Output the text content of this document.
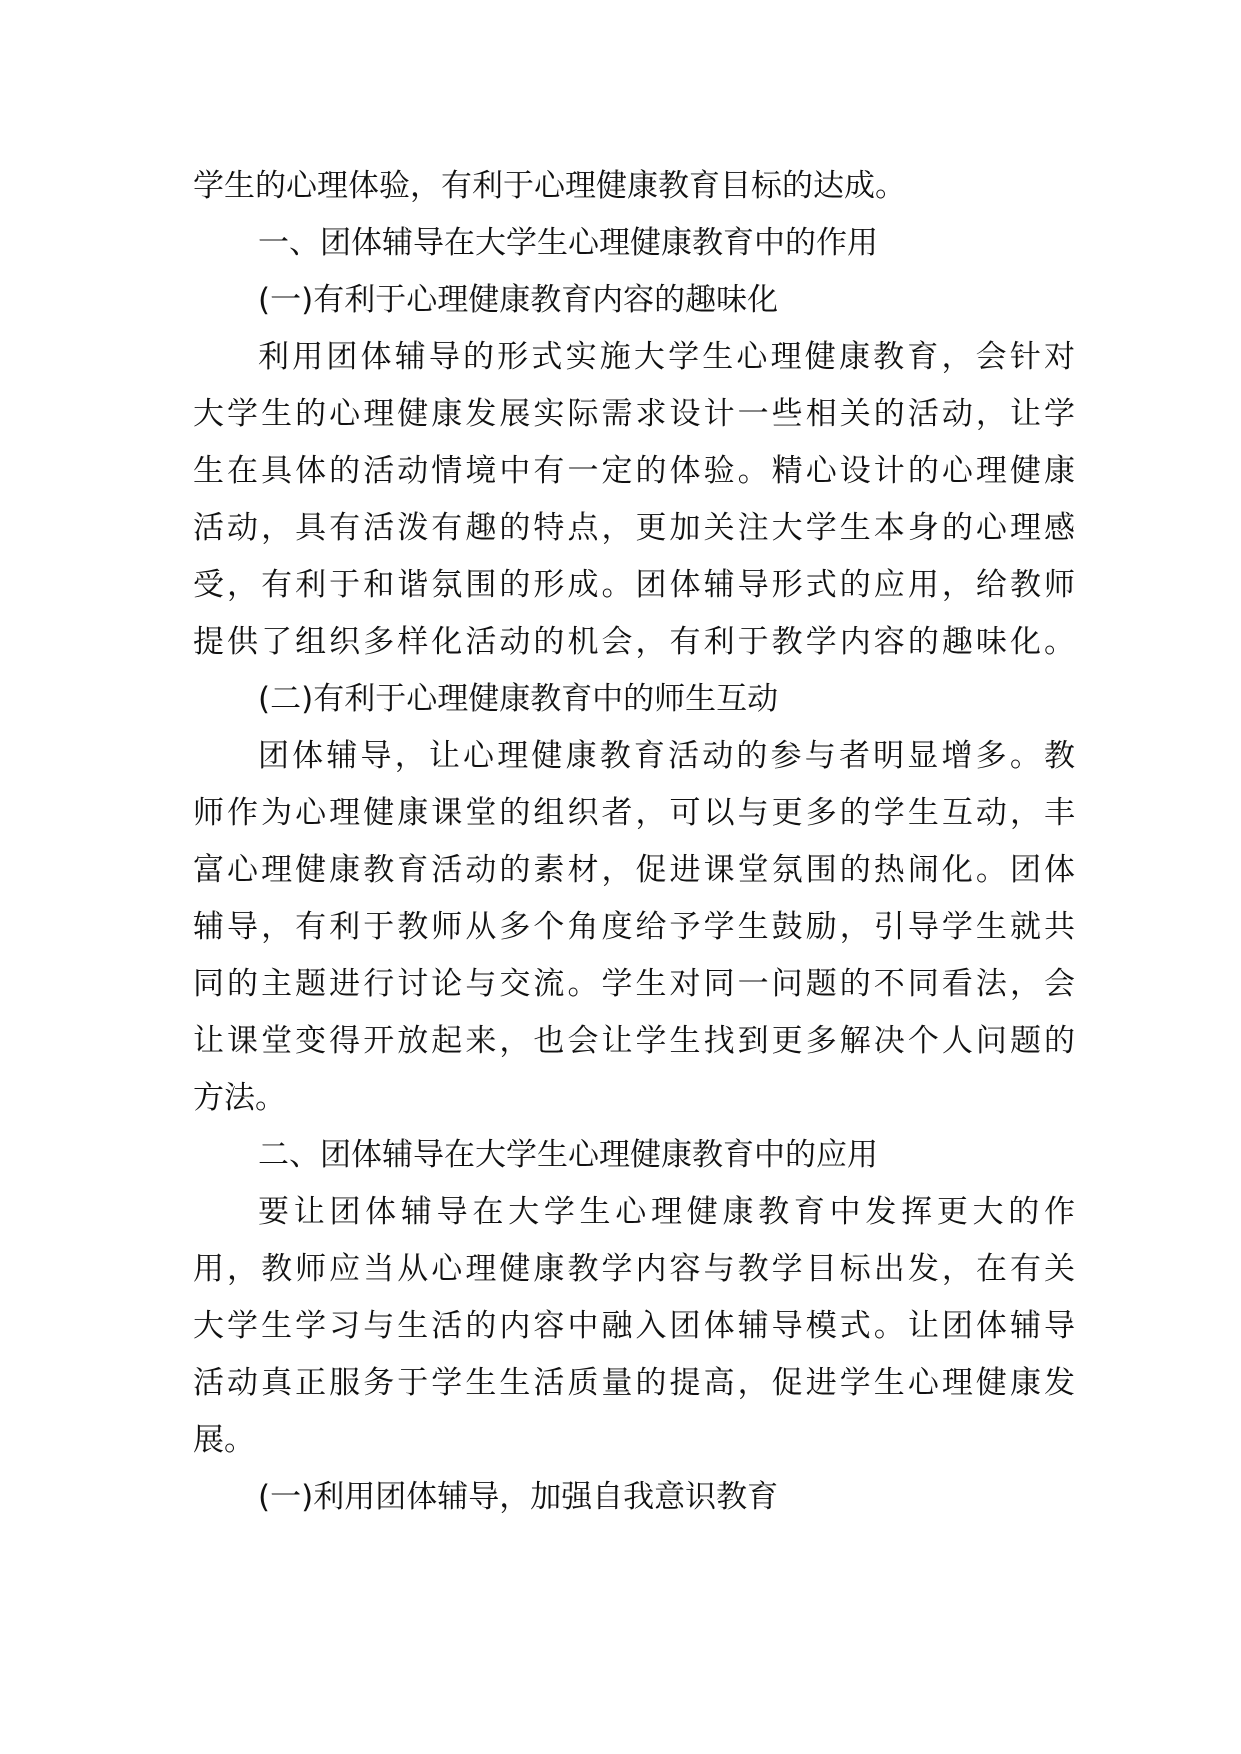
学生的心理体验，有利于心理健康教育目标的达成。
一、团体辅导在大学生心理健康教育中的作用
(一)有利于心理健康教育内容的趣味化
利用团体辅导的形式实施大学生心理健康教育，会针对
大学生的心理健康发展实际需求设计一些相关的活动，让学
生在具体的活动情境中有一定的体验。精心设计的心理健康
活动，具有活泼有趣的特点，更加关注大学生本身的心理感
受，有利于和谐氛围的形成。团体辅导形式的应用，给教师
提供了组织多样化活动的机会，有利于教学内容的趣味化。
(二)有利于心理健康教育中的师生互动
团体辅导，让心理健康教育活动的参与者明显增多。教
师作为心理健康课堂的组织者，可以与更多的学生互动，丰
富心理健康教育活动的素材，促进课堂氛围的热闹化。团体
辅导，有利于教师从多个角度给予学生鼓励，引导学生就共
同的主题进行讨论与交流。学生对同一问题的不同看法，会
让课堂变得开放起来，也会让学生找到更多解决个人问题的
方法。
二、团体辅导在大学生心理健康教育中的应用
要让团体辅导在大学生心理健康教育中发挥更大的作
用，教师应当从心理健康教学内容与教学目标出发，在有关
大学生学习与生活的内容中融入团体辅导模式。让团体辅导
活动真正服务于学生生活质量的提高，促进学生心理健康发
展。
(一)利用团体辅导，加强自我意识教育
